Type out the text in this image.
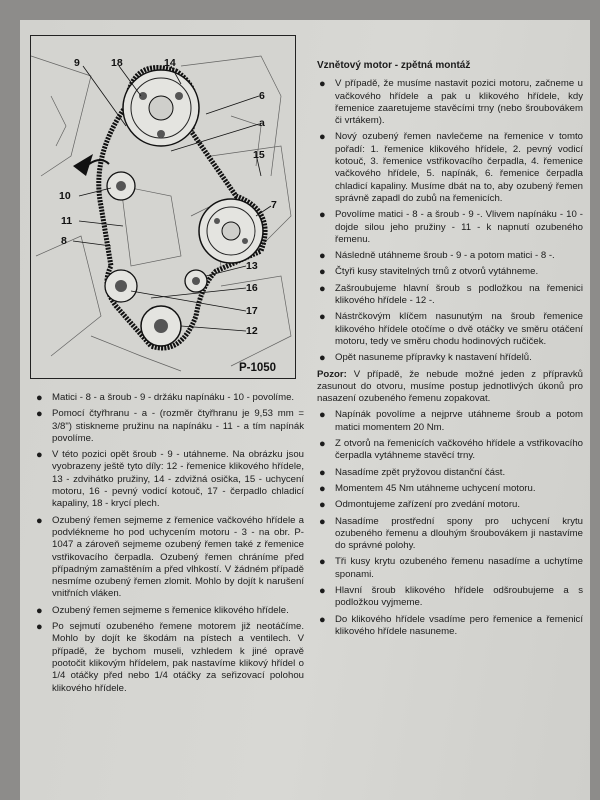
9	18	14
6
a
15
10
7
11
8
13
16
17
12
P-1050
● Matici - 8 - a šroub - 9 - držáku napínáku - 10 - povolíme.
● Pomocí čtyřhranu - a - (rozměr čtyřhranu je 9,53 mm = 3/8") stiskneme pružinu na napínáku - 11 - a tím napínák povolíme.
● V této pozici opět šroub - 9 - utáhneme. Na obrázku jsou vyobrazeny ještě tyto díly: 12 - řemenice klikového hřídele, 13 - zdvihátko pružiny, 14 - zdvižná osička, 15 - uchycení motoru, 16 - pevný vodicí kotouč, 17 - čerpadlo chladicí kapaliny, 18 - krycí plech.
● Ozubený řemen sejmeme z řemenice vačkového hřídele a podvlékneme ho pod uchycením motoru - 3 - na obr. P-1047 a zároveň sejmeme ozubený řemen také z řemenice vstřikovacího čerpadla. Ozubený řemen chráníme před případným zamaštěním a před vlhkostí. V žádném případě nesmíme ozubený řemen zlomit. Mohlo by dojít k narušení vnitřních vláken.
● Ozubený řemen sejmeme s řemenice klikového hřídele.
● Po sejmutí ozubeného řemene motorem již neotáčíme. Mohlo by dojít ke škodám na pístech a ventilech. V případě, že bychom museli, vzhledem k jiné opravě pootočit klikovým hřídelem, pak nastavíme klikový hřídel o 1/4 otáčky před nebo 1/4 otáčky za seřizovací polohou klikového hřídele.
Vznětový motor - zpětná montáž
● V případě, že musíme nastavit pozici motoru, začneme u vačkového hřídele a pak u klikového hřídele, kdy řemenice zaaretujeme stavěcími trny (nebo šroubovákem či vrtákem).
● Nový ozubený řemen navlečeme na řemenice v tomto pořadí: 1. řemenice klikového hřídele, 2. pevný vodicí kotouč, 3. řemenice vstřikovacího čerpadla, 4. řemenice vačkového hřídele, 5. napínák, 6. řemenice čerpadla chladicí kapaliny. Musíme dbát na to, aby ozubený řemen správně zapadl do zubů na řemenicích.
● Povolíme matici - 8 - a šroub - 9 -. Vlivem napínáku - 10 - dojde silou jeho pružiny - 11 - k napnutí ozubeného řemenu.
● Následně utáhneme šroub - 9 - a potom matici - 8 -.
● Čtyři kusy stavitelných trnů z otvorů vytáhneme.
● Zašroubujeme hlavní šroub s podložkou na řemenici klikového hřídele - 12 -.
● Nástrčkovým klíčem nasunutým na šroub řemenice klikového hřídele otočíme o dvě otáčky ve směru otáčení motoru, tedy ve směru chodu hodinových ručiček.
● Opět nasuneme přípravky k nastavení hřídelů.

Pozor: V případě, že nebude možné jeden z přípravků zasunout do otvoru, musíme postup jednotlivých úkonů pro nasazení ozubeného řemenu zopakovat.

● Napínák povolíme a nejprve utáhneme šroub a potom matici momentem 20 Nm.
● Z otvorů na řemenicích vačkového hřídele a vstřikovacího čerpadla vytáhneme stavěcí trny.
● Nasadíme zpět pryžovou distanční část.
● Momentem 45 Nm utáhneme uchycení motoru.
● Odmontujeme zařízení pro zvedání motoru.
● Nasadíme prostřední spony pro uchycení krytu ozubeného řemenu a dlouhým šroubovákem ji nastavíme do správné polohy.
● Tři kusy krytu ozubeného řemenu nasadíme a uchytíme sponami.
● Hlavní šroub klikového hřídele odšroubujeme a s podložkou vyjmeme.
● Do klikového hřídele vsadíme pero řemenice a řemenicí klikového hřídele nasuneme.
